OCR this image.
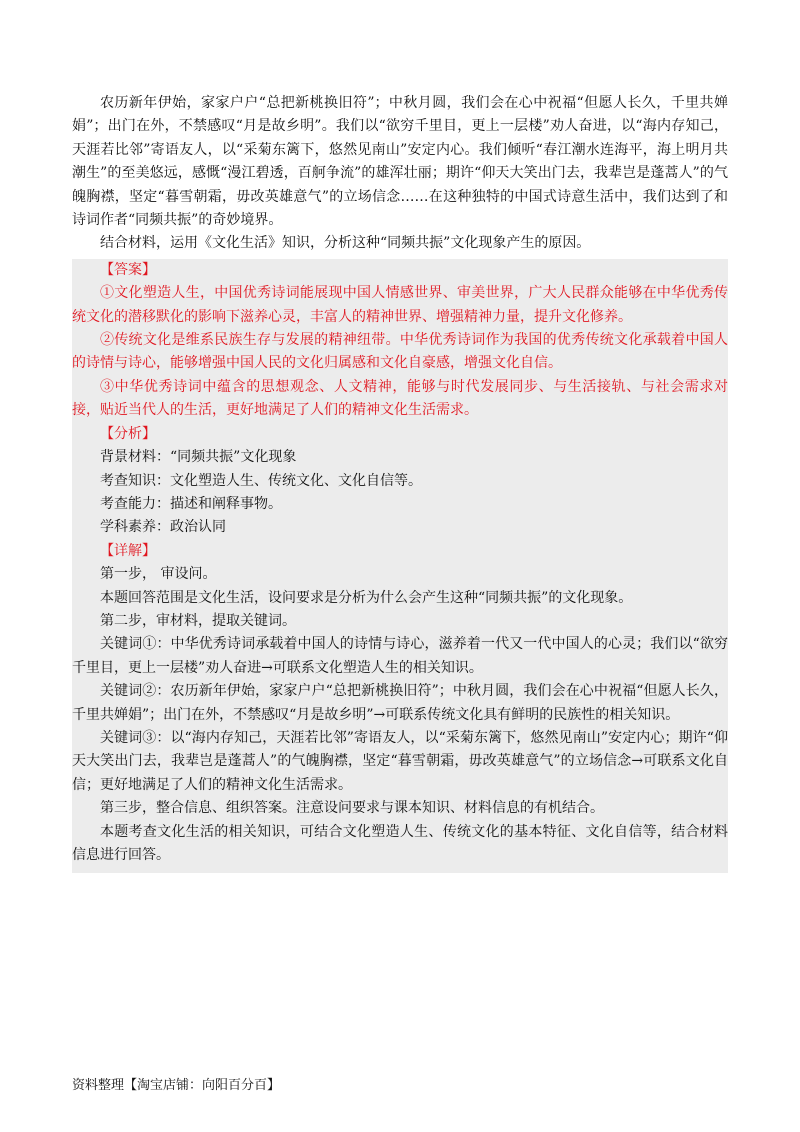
农历新年伊始，家家户户“总把新桃换旧符”；中秋月圆，我们会在心中祝福“但愿人长久，千里共婵娟”；出门在外，不禁感叹“月是故乡明”。我们以“欲穷千里目，更上一层楼”劝人奋进，以“海内存知己，天涯若比邻”寄语友人，以“采菊东篱下，悠然见南山”安定内心。我们倾听“春江潮水连海平，海上明月共潮生”的至美悠远，感慨“漫江碧透，百舸争流”的雄浑壮丽；期许“仰天大笑出门去，我辈岂是蓬蒿人”的气魄胸襟，坚定“暮雪朝霜，毋改英雄意气”的立场信念……在这种独特的中国式诗意生活中，我们达到了和诗词作者“同频共振”的奇妙境界。

结合材料，运用《文化生活》知识，分析这种“同频共振”文化现象产生的原因。

【答案】

①文化塑造人生，中国优秀诗词能展现中国人情感世界、审美世界，广大人民群众能够在中华优秀传统文化的潜移默化的影响下滋养心灵，丰富人的精神世界、增强精神力量，提升文化修养。

②传统文化是维系民族生存与发展的精神纽带。中华优秀诗词作为我国的优秀传统文化承载着中国人的诗情与诗心，能够增强中国人民的文化归属感和文化自豪感，增强文化自信。

③中华优秀诗词中蕴含的思想观念、人文精神，能够与时代发展同步、与生活接轨、与社会需求对接，贴近当代人的生活，更好地满足了人们的精神文化生活需求。

【分析】

背景材料：“同频共振”文化现象

考查知识：文化塑造人生、传统文化、文化自信等。

考查能力：描述和阐释事物。

学科素养：政治认同

【详解】

第一步， 审设问。

本题回答范围是文化生活，设问要求是分析为什么会产生这种“同频共振”的文化现象。

第二步，审材料，提取关键词。

关键词①：中华优秀诗词承载着中国人的诗情与诗心，滋养着一代又一代中国人的心灵；我们以“欲穷千里目，更上一层楼”劝人奋进→可联系文化塑造人生的相关知识。

关键词②：农历新年伊始，家家户户“总把新桃换旧符”；中秋月圆，我们会在心中祝福“但愿人长久，千里共婵娟”；出门在外，不禁感叹“月是故乡明”→可联系传统文化具有鲜明的民族性的相关知识。

关键词③：以“海内存知己，天涯若比邻”寄语友人，以“采菊东篱下，悠然见南山”安定内心；期许“仰天大笑出门去，我辈岂是蓬蒿人”的气魄胸襟，坚定“暮雪朝霜，毋改英雄意气”的立场信念→可联系文化自信；更好地满足了人们的精神文化生活需求。

第三步，整合信息、组织答案。注意设问要求与课本知识、材料信息的有机结合。

本题考查文化生活的相关知识，可结合文化塑造人生、传统文化的基本特征、文化自信等，结合材料信息进行回答。

资料整理【淘宝店铺：向阳百分百】
